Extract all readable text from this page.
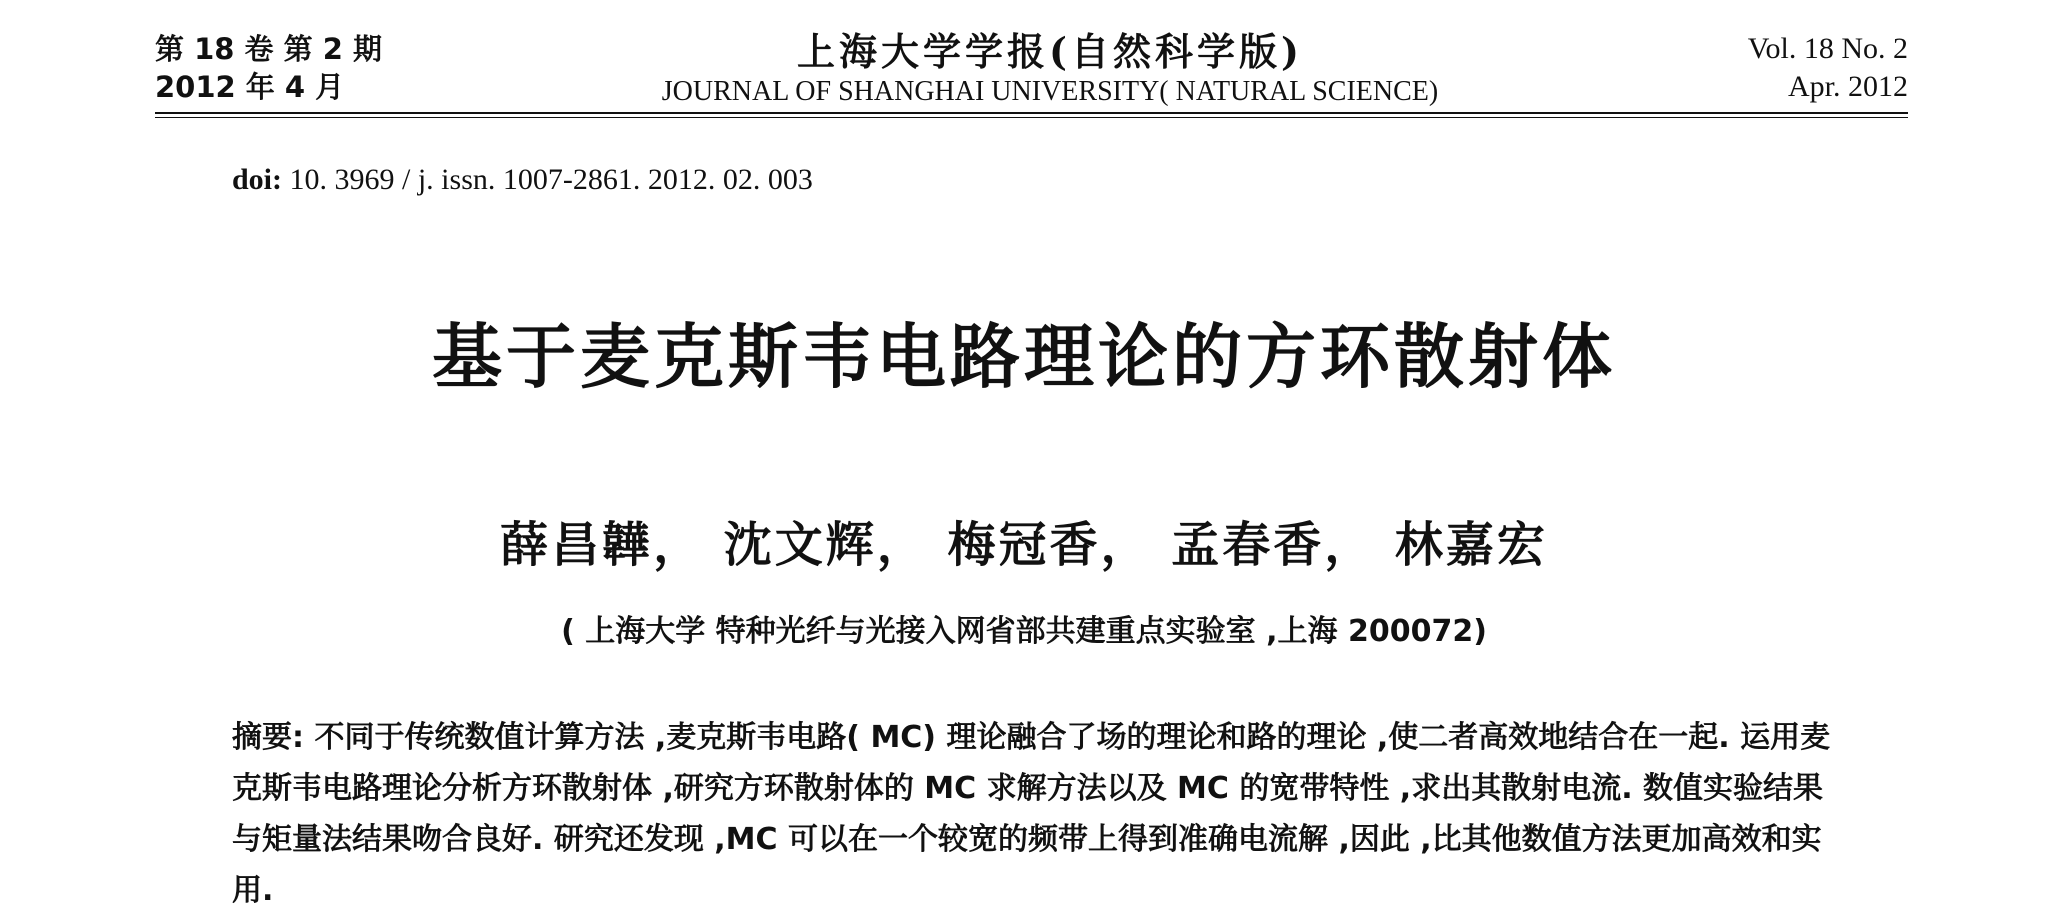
第 18 卷 第 2 期
2012 年 4 月
上海大学学报(自然科学版)
JOURNAL OF SHANGHAI UNIVERSITY( NATURAL SCIENCE)
Vol. 18 No. 2
Apr. 2012
doi: 10. 3969 / j. issn. 1007-2861. 2012. 02. 003
基于麦克斯韦电路理论的方环散射体
薛昌韡， 沈文辉， 梅冠香， 孟春香， 林嘉宏
( 上海大学 特种光纤与光接入网省部共建重点实验室 ,上海 200072)
摘要: 不同于传统数值计算方法 ,麦克斯韦电路( MC) 理论融合了场的理论和路的理论 ,使二者高效地结合在一起. 运用麦克斯韦电路理论分析方环散射体 ,研究方环散射体的 MC 求解方法以及 MC 的宽带特性 ,求出其散射电流. 数值实验结果与矩量法结果吻合良好. 研究还发现 ,MC 可以在一个较宽的频带上得到准确电流解 ,因此 ,比其他数值方法更加高效和实用.
